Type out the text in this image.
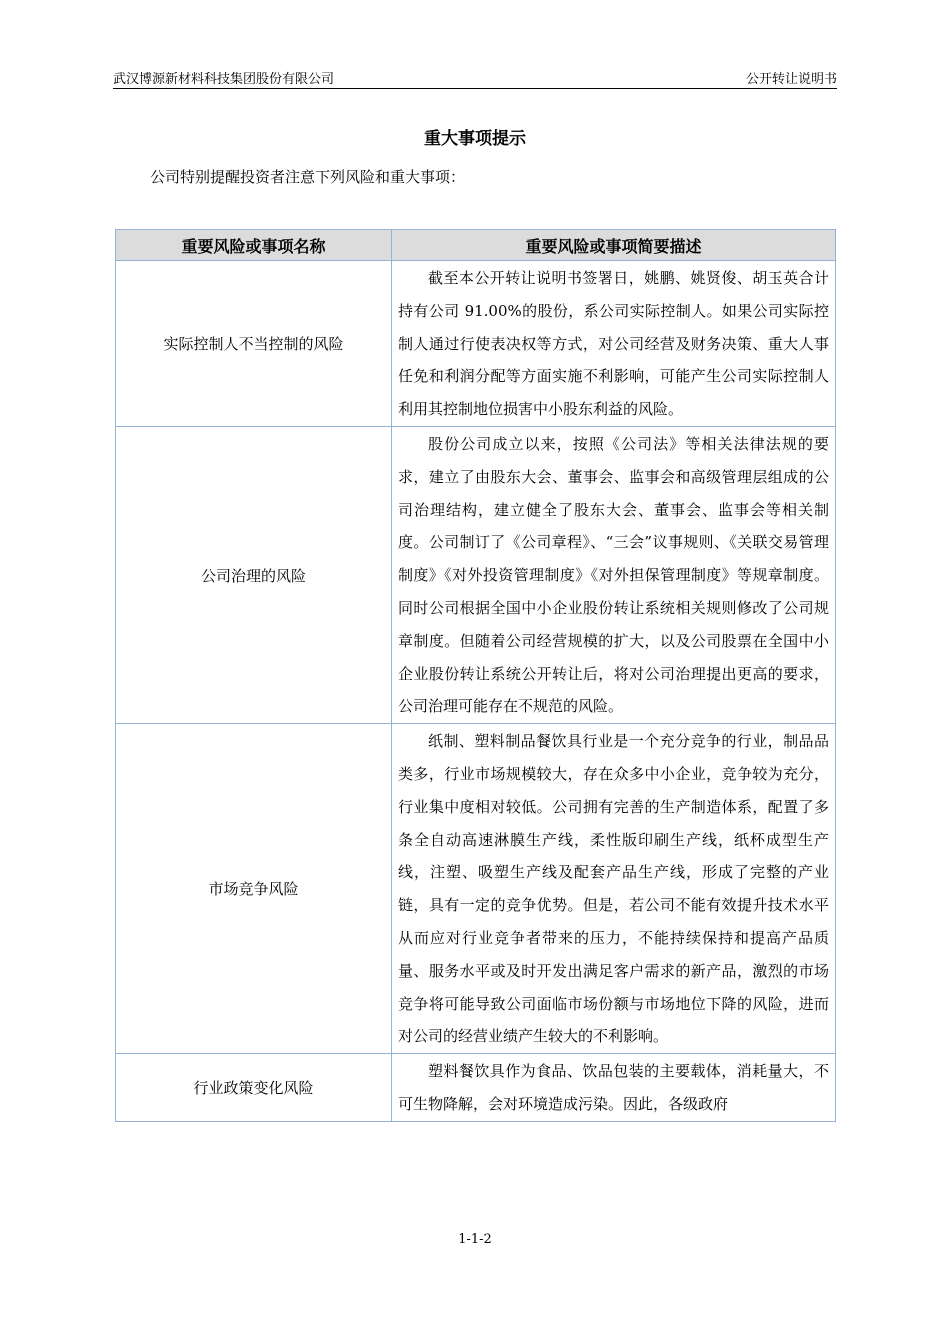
武汉博源新材料科技集团股份有限公司	公开转让说明书
重大事项提示
公司特别提醒投资者注意下列风险和重大事项：
重要风险或事项名称	重要风险或事项简要描述
实际控制人不当控制的风险	截至本公开转让说明书签署日，姚鹏、姚贤俊、胡玉英合计持有公司 91.00%的股份，系公司实际控制人。如果公司实际控制人通过行使表决权等方式，对公司经营及财务决策、重大人事任免和利润分配等方面实施不利影响，可能产生公司实际控制人利用其控制地位损害中小股东利益的风险。
公司治理的风险	股份公司成立以来，按照《公司法》等相关法律法规的要求，建立了由股东大会、董事会、监事会和高级管理层组成的公司治理结构，建立健全了股东大会、董事会、监事会等相关制度。公司制订了《公司章程》、“三会”议事规则、《关联交易管理制度》《对外投资管理制度》《对外担保管理制度》等规章制度。同时公司根据全国中小企业股份转让系统相关规则修改了公司规章制度。但随着公司经营规模的扩大，以及公司股票在全国中小企业股份转让系统公开转让后，将对公司治理提出更高的要求，公司治理可能存在不规范的风险。
市场竞争风险	纸制、塑料制品餐饮具行业是一个充分竞争的行业，制品品类多，行业市场规模较大，存在众多中小企业，竞争较为充分，行业集中度相对较低。公司拥有完善的生产制造体系，配置了多条全自动高速淋膜生产线，柔性版印刷生产线，纸杯成型生产线，注塑、吸塑生产线及配套产品生产线，形成了完整的产业链，具有一定的竞争优势。但是，若公司不能有效提升技术水平从而应对行业竞争者带来的压力，不能持续保持和提高产品质量、服务水平或及时开发出满足客户需求的新产品，激烈的市场竞争将可能导致公司面临市场份额与市场地位下降的风险，进而对公司的经营业绩产生较大的不利影响。
行业政策变化风险	塑料餐饮具作为食品、饮品包装的主要载体，消耗量大，不可生物降解，会对环境造成污染。因此，各级政府
1-1-2
